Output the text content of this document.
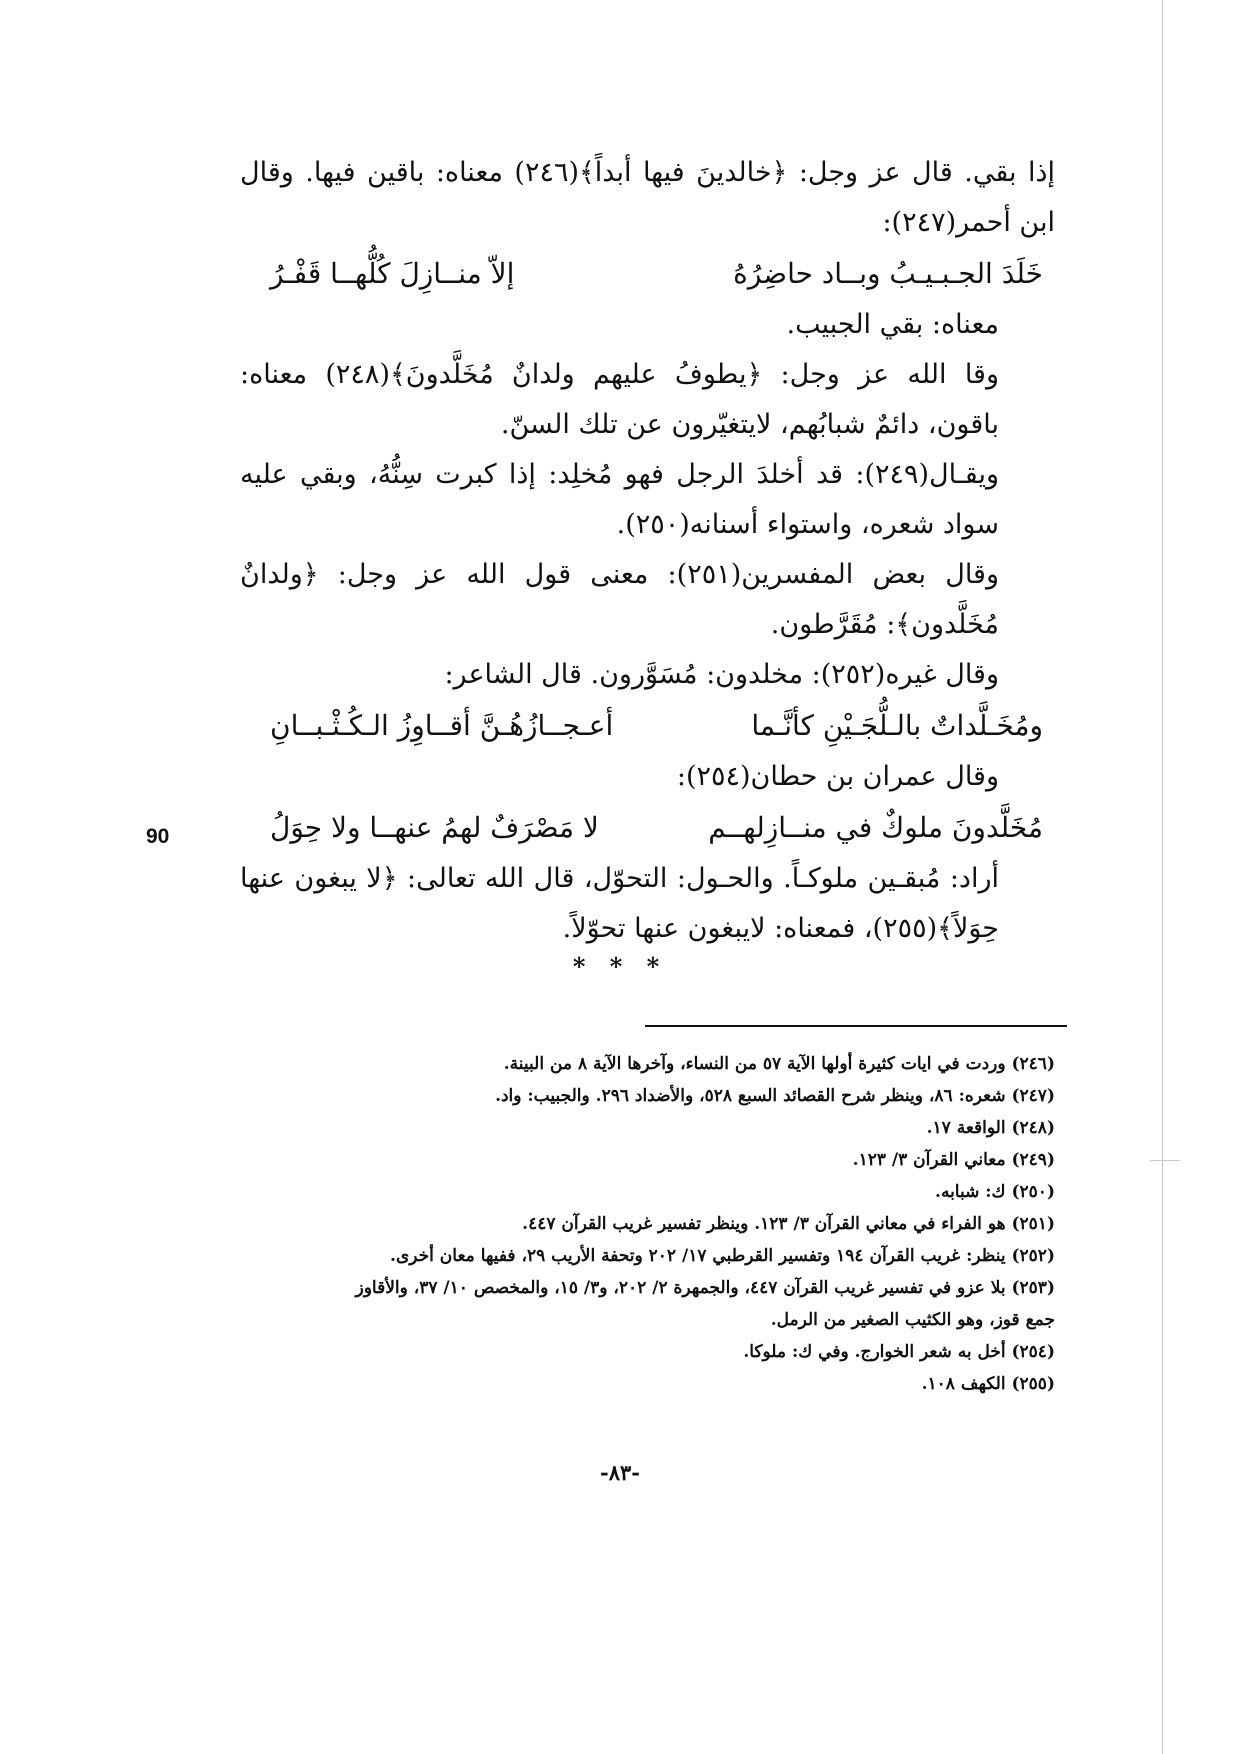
إذا بقي. قال عز وجل: ﴿خالدينَ فيها أبداً﴾(٢٤٦) معناه: باقين فيها. وقال ابن أحمر(٢٤٧):

خَلَدَ الجـبـيـبُ وبــاد حاضِرُهُ
إلاّ منــازِلَ كُلُّهــا قَفْـرُ

معناه: بقي الجبيب.

وقا الله عز وجل: ﴿يطوفُ عليهم ولدانٌ مُخَلَّدونَ﴾(٢٤٨) معناه: باقون، دائمٌ شبابُهم، لايتغيّرون عن تلك السنّ.

ويقـال(٢٤٩): قد أخلدَ الرجل فهو مُخلِد: إذا كبرت سِنُّهُ، وبقي عليه سواد شعره، واستواء أسنانه(٢٥٠).

وقال بعض المفسرين(٢٥١): معنى قول الله عز وجل: ﴿ولدانٌ مُخَلَّدون﴾: مُقَرَّطون.

وقال غيره(٢٥٢): مخلدون: مُسَوَّرون. قال الشاعر:

ومُخَـلَّداتٌ بالـلُّجَـيْنِ كأنَّـما
أعـجــازُهُـنَّ أقــاوِزُ الـكُـثْـبــانِ

وقال عمران بن حطان(٢٥٤):

مُخَلَّدونَ ملوكٌ في منــازِلهــم
لا مَصْرَفٌ لهمُ عنهــا ولا حِوَلُ

أراد: مُبقـين ملوكـاً. والحـول: التحوّل، قال الله تعالى: ﴿لا يبغون عنها حِوَلاً﴾(٢٥٥)، فمعناه: لايبغون عنها تحوّلاً.

90
* * *
(٢٤٦) وردت في ايات كثيرة أولها الآية ٥٧ من النساء، وآخرها الآية ٨ من البينة.
(٢٤٧) شعره: ٨٦، وينظر شرح القصائد السبع ٥٢٨، والأضداد ٢٩٦. والجبيب: واد.
(٢٤٨) الواقعة ١٧.
(٢٤٩) معاني القرآن ٣/ ١٢٣.
(٢٥٠) ك: شبابه.
(٢٥١) هو الفراء في معاني القرآن ٣/ ١٢٣. وينظر تفسير غريب القرآن ٤٤٧.
(٢٥٢) ينظر: غريب القرآن ١٩٤ وتفسير القرطبي ١٧/ ٢٠٢ وتحفة الأريب ٢٩، ففيها معان أخرى.
(٢٥٣) بلا عزو في تفسير غريب القرآن ٤٤٧، والجمهرة ٢/ ٢٠٢، و٣/ ١٥، والمخصص ١٠/ ٣٧، والأقاوز
جمع قوز، وهو الكثيب الصغير من الرمل.
(٢٥٤) أخل به شعر الخوارج. وفي ك: ملوكا.
(٢٥٥) الكهف ١٠٨.
-٨٣-
